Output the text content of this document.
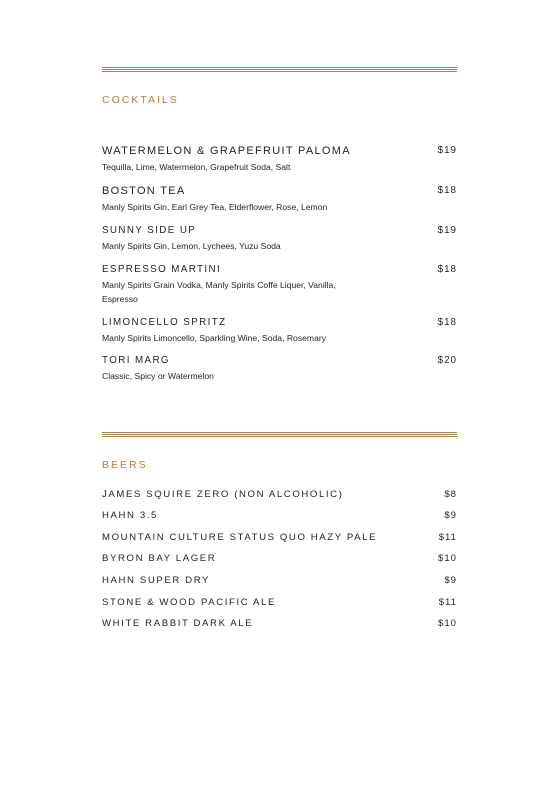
COCKTAILS
WATERMELON & GRAPEFRUIT PALOMA	$19
Tequilla, Lime, Watermelon, Grapefruit Soda, Salt
BOSTON TEA	$18
Manly Spirits Gin, Earl Grey Tea, Elderflower, Rose, Lemon
SUNNY SIDE UP	$19
Manly Spirits Gin, Lemon, Lychees, Yuzu Soda
ESPRESSO MARTINI	$18
Manly Spirits Grain Vodka, Manly Spirits Coffe Liquer, Vanilla, Espresso
LIMONCELLO SPRITZ	$18
Manly Spirits Limoncello, Sparkling Wine, Soda, Rosemary
TORI MARG	$20
Classic, Spicy or Watermelon
BEERS
JAMES SQUIRE ZERO (NON ALCOHOLIC)	$8
HAHN 3.5	$9
MOUNTAIN CULTURE STATUS QUO HAZY PALE	$11
BYRON BAY LAGER	$10
HAHN SUPER DRY	$9
STONE & WOOD PACIFIC ALE	$11
WHITE RABBIT DARK ALE	$10
